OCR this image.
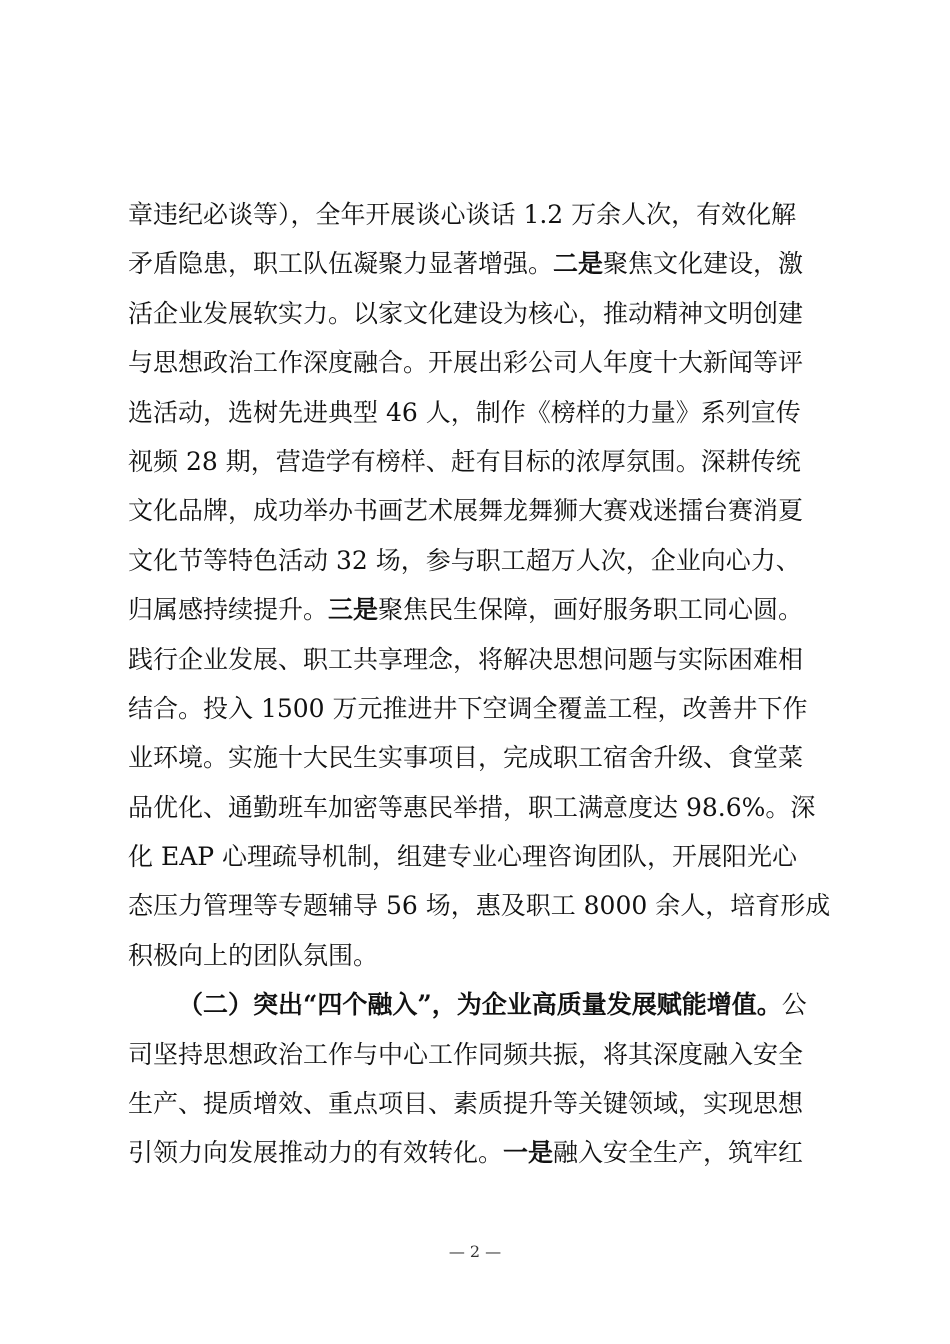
章违纪必谈等），全年开展谈心谈话 1.2 万余人次，有效化解
矛盾隐患，职工队伍凝聚力显著增强。二是聚焦文化建设，激
活企业发展软实力。以家文化建设为核心，推动精神文明创建
与思想政治工作深度融合。开展出彩公司人年度十大新闻等评
选活动，选树先进典型 46 人，制作《榜样的力量》系列宣传
视频 28 期，营造学有榜样、赶有目标的浓厚氛围。深耕传统
文化品牌，成功举办书画艺术展舞龙舞狮大赛戏迷擂台赛消夏
文化节等特色活动 32 场，参与职工超万人次，企业向心力、
归属感持续提升。三是聚焦民生保障，画好服务职工同心圆。
践行企业发展、职工共享理念，将解决思想问题与实际困难相
结合。投入 1500 万元推进井下空调全覆盖工程，改善井下作
业环境。实施十大民生实事项目，完成职工宿舍升级、食堂菜
品优化、通勤班车加密等惠民举措，职工满意度达 98.6%。深
化 EAP 心理疏导机制，组建专业心理咨询团队，开展阳光心
态压力管理等专题辅导 56 场，惠及职工 8000 余人，培育形成
积极向上的团队氛围。
（二）突出“四个融入”，为企业高质量发展赋能增值。公
司坚持思想政治工作与中心工作同频共振，将其深度融入安全
生产、提质增效、重点项目、素质提升等关键领域，实现思想
引领力向发展推动力的有效转化。一是融入安全生产，筑牢红
— 2 —
